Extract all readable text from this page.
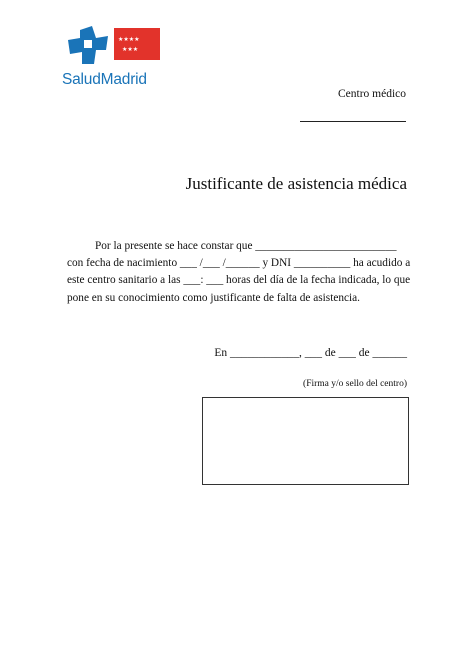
★★★★
★★★
SaludMadrid
Centro médico
Justificante de asistencia médica

Por la presente se hace constar que _________________________

con fecha de nacimiento ___ /___ /______ y DNI __________ ha acudido a

este centro sanitario a las ___: ___ horas del día de la fecha indicada, lo que

pone en su conocimiento como justificante de falta de asistencia.

En ____________, ___ de ___ de ______
(Firma y/o sello del centro)
